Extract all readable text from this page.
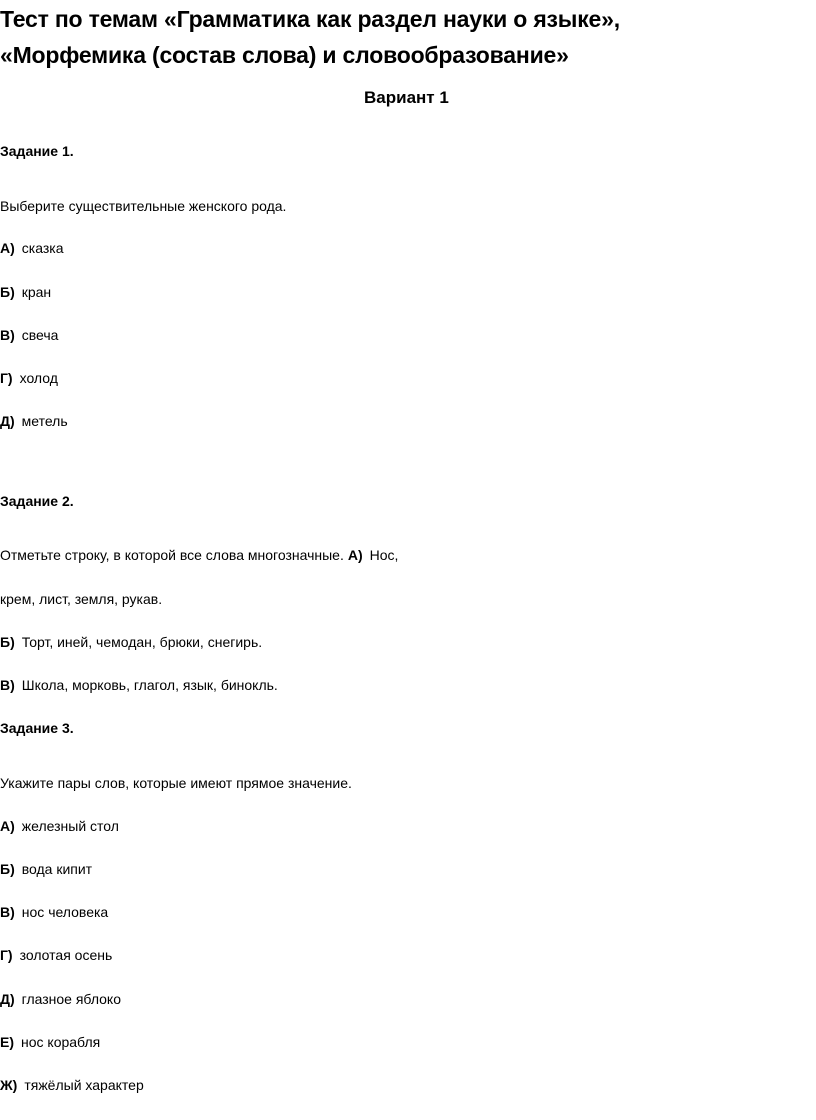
Тест по темам «Грамматика как раздел науки о языке»,
«Морфемика (состав слова) и словообразование»
Вариант 1
Задание 1.
Выберите существительные женского рода.
А) сказка
Б) кран
В) свеча
Г) холод
Д) метель
Задание 2.
Отметьте строку, в которой все слова многозначные. А) Нос,
крем, лист, земля, рукав.
Б) Торт, иней, чемодан, брюки, снегирь.
В) Школа, морковь, глагол, язык, бинокль.
Задание 3.
Укажите пары слов, которые имеют прямое значение.
А) железный стол
Б) вода кипит
В) нос человека
Г) золотая осень
Д) глазное яблоко
Е) нос корабля
Ж) тяжёлый характер
